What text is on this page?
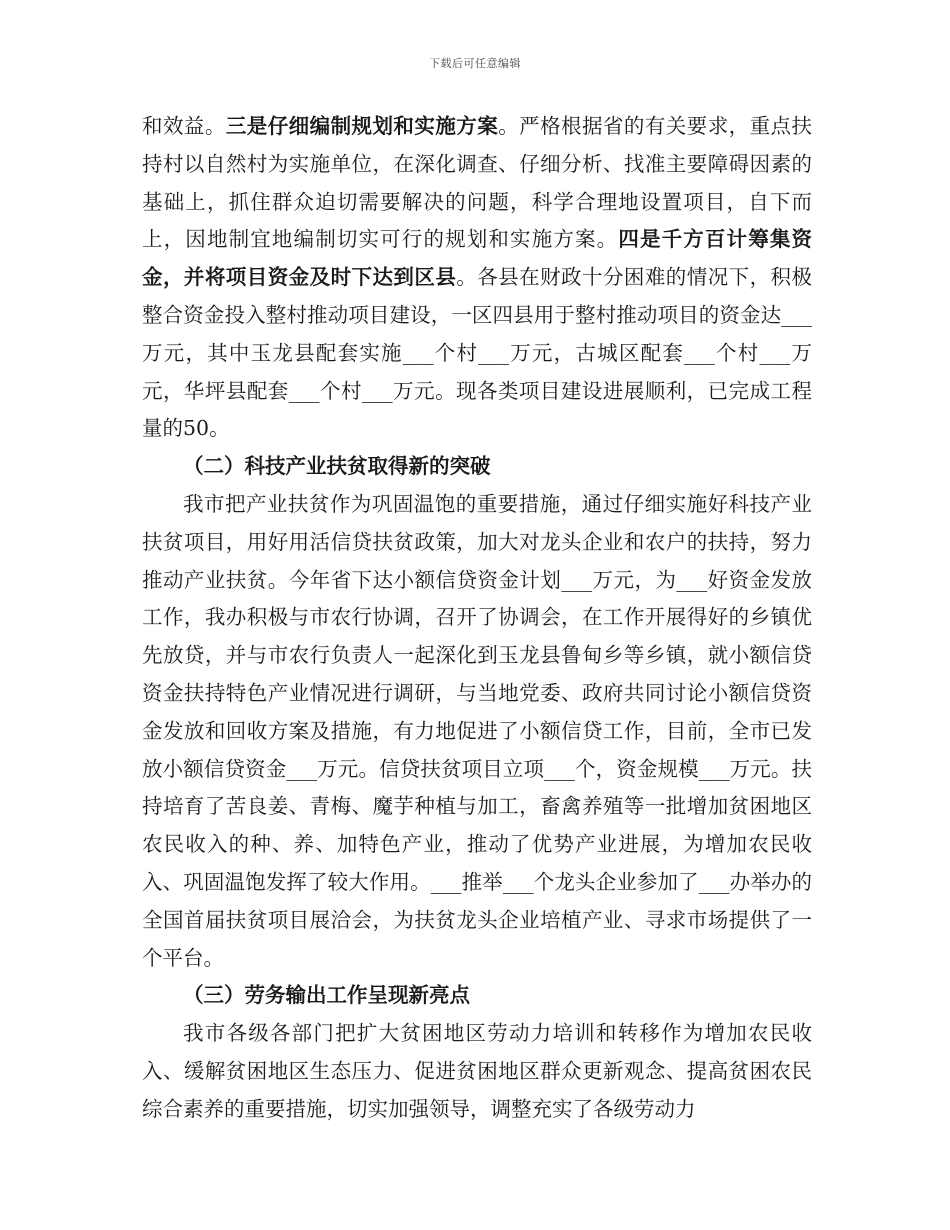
下载后可任意编辑

和效益。三是仔细编制规划和实施方案。严格根据省的有关要求，重点扶持村以自然村为实施单位，在深化调查、仔细分析、找准主要障碍因素的基础上，抓住群众迫切需要解决的问题，科学合理地设置项目，自下而上，因地制宜地编制切实可行的规划和实施方案。四是千方百计筹集资金，并将项目资金及时下达到区县。各县在财政十分困难的情况下，积极整合资金投入整村推动项目建设，一区四县用于整村推动项目的资金达___万元，其中玉龙县配套实施___个村___万元，古城区配套___个村___万元，华坪县配套___个村___万元。现各类项目建设进展顺利，已完成工程量的50。

（二）科技产业扶贫取得新的突破

我市把产业扶贫作为巩固温饱的重要措施，通过仔细实施好科技产业扶贫项目，用好用活信贷扶贫政策，加大对龙头企业和农户的扶持，努力推动产业扶贫。今年省下达小额信贷资金计划___万元，为___好资金发放工作，我办积极与市农行协调，召开了协调会，在工作开展得好的乡镇优先放贷，并与市农行负责人一起深化到玉龙县鲁甸乡等乡镇，就小额信贷资金扶持特色产业情况进行调研，与当地党委、政府共同讨论小额信贷资金发放和回收方案及措施，有力地促进了小额信贷工作，目前，全市已发放小额信贷资金___万元。信贷扶贫项目立项___个，资金规模___万元。扶持培育了苦良姜、青梅、魔芋种植与加工，畜禽养殖等一批增加贫困地区农民收入的种、养、加特色产业，推动了优势产业进展，为增加农民收入、巩固温饱发挥了较大作用。___推举___个龙头企业参加了___办举办的全国首届扶贫项目展洽会，为扶贫龙头企业培植产业、寻求市场提供了一个平台。

（三）劳务输出工作呈现新亮点

我市各级各部门把扩大贫困地区劳动力培训和转移作为增加农民收入、缓解贫困地区生态压力、促进贫困地区群众更新观念、提高贫困农民综合素养的重要措施，切实加强领导，调整充实了各级劳动力
